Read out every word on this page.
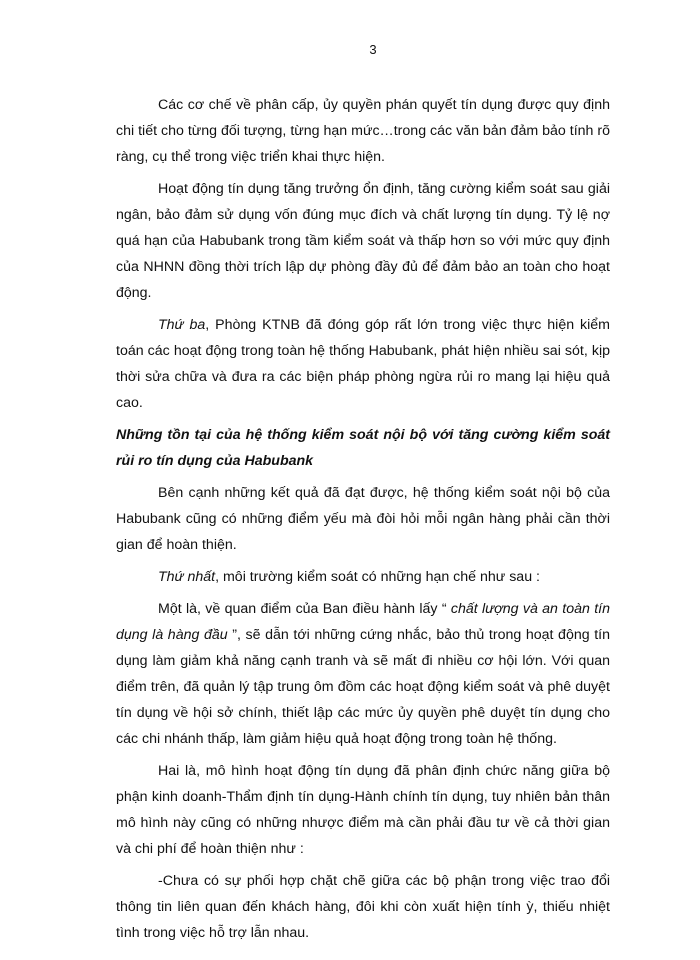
3

Các cơ chế về phân cấp, ủy quyền phán quyết tín dụng được quy định chi tiết cho từng đối tượng, từng hạn mức…trong các văn bản đảm bảo tính rõ ràng, cụ thể trong việc triển khai thực hiện.

Hoạt động tín dụng tăng trưởng ổn định, tăng cường kiểm soát sau giải ngân, bảo đảm sử dụng vốn đúng mục đích và chất lượng tín dụng. Tỷ lệ nợ quá hạn của Habubank trong tầm kiểm soát và thấp hơn so với mức quy định của NHNN đồng thời trích lập dự phòng đầy đủ để đảm bảo an toàn cho hoạt động.

Thứ ba, Phòng KTNB đã đóng góp rất lớn trong việc thực hiện kiểm toán các hoạt động trong toàn hệ thống Habubank, phát hiện nhiều sai sót, kịp thời sửa chữa và đưa ra các biện pháp phòng ngừa rủi ro mang lại hiệu quả cao.

Những tồn tại của hệ thống kiểm soát nội bộ với tăng cường kiểm soát rủi ro tín dụng của Habubank

Bên cạnh những kết quả đã đạt được, hệ thống kiểm soát nội bộ của Habubank cũng có những điểm yếu mà đòi hỏi mỗi ngân hàng phải cần thời gian để hoàn thiện.

Thứ nhất, môi trường kiểm soát có những hạn chế như sau :

Một là, về quan điểm của Ban điều hành lấy “ chất lượng và an toàn tín dụng là hàng đầu ”, sẽ dẫn tới những cứng nhắc, bảo thủ trong hoạt động tín dụng làm giảm khả năng cạnh tranh và sẽ mất đi nhiều cơ hội lớn. Với quan điểm trên, đã quản lý tập trung ôm đồm các hoạt động kiểm soát và phê duyệt tín dụng về hội sở chính, thiết lập các mức ủy quyền phê duyệt tín dụng cho các chi nhánh thấp, làm giảm hiệu quả hoạt động trong toàn hệ thống.

Hai là, mô hình hoạt động tín dụng đã phân định chức năng giữa bộ phận kinh doanh-Thẩm định tín dụng-Hành chính tín dụng, tuy nhiên bản thân mô hình này cũng có những nhược điểm mà cần phải đầu tư về cả thời gian và chi phí để hoàn thiện như :

-Chưa có sự phối hợp chặt chẽ giữa các bộ phận trong việc trao đổi thông tin liên quan đến khách hàng, đôi khi còn xuất hiện tính ỳ, thiếu nhiệt tình trong việc hỗ trợ lẫn nhau.
